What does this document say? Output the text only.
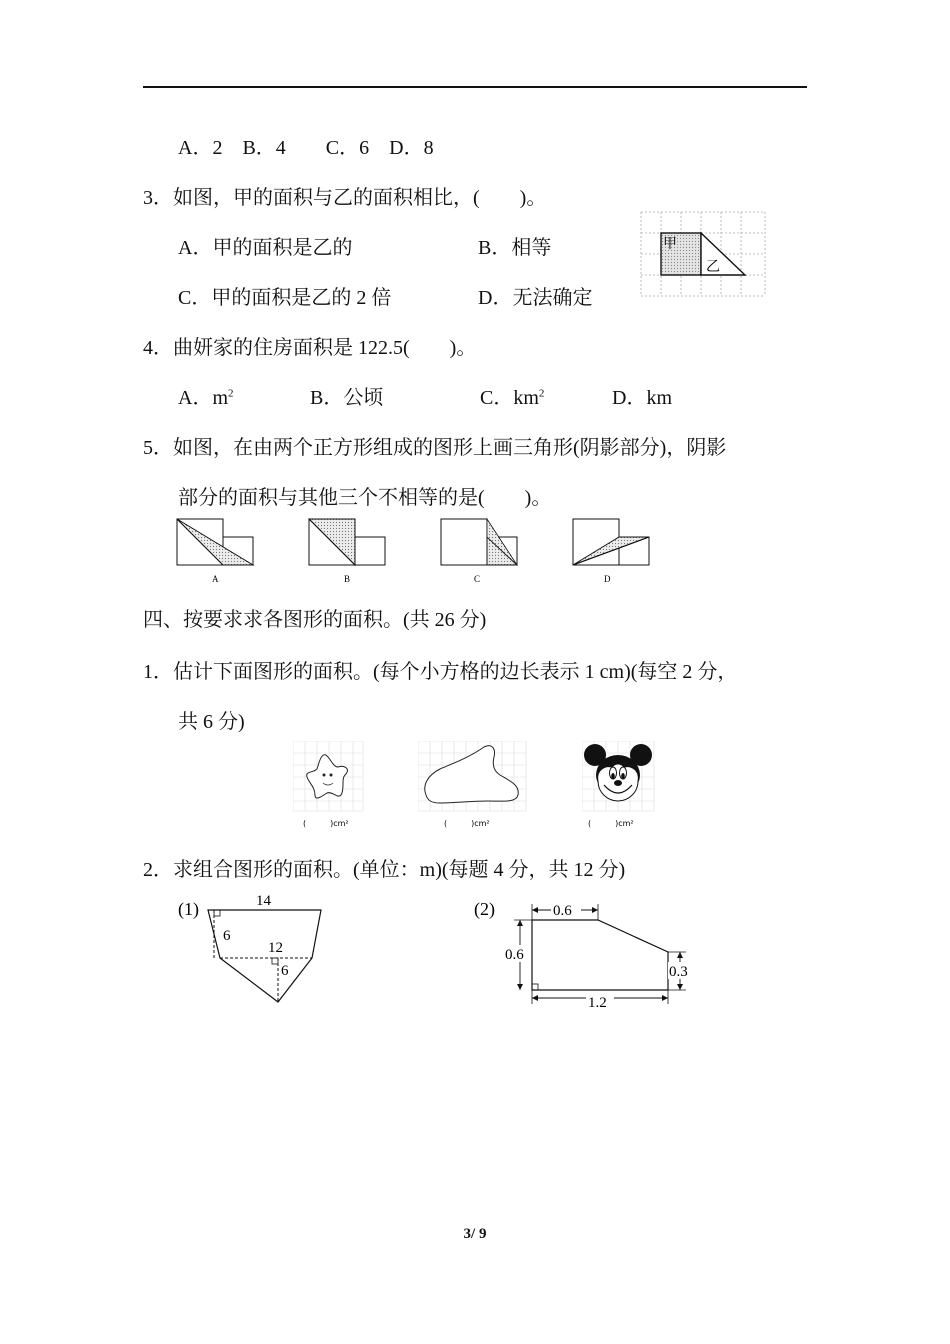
A．2　B．4　　C．6　D．8
3．如图，甲的面积与乙的面积相比，(　　)。
A．甲的面积是乙的	B．相等
C．甲的面积是乙的 2 倍	D．无法确定
甲
乙
4．曲妍家的住房面积是 122.5(　　)。
A．$m^2$	B．公顷	C．$km^2$	D．km
5．如图，在由两个正方形组成的图形上画三角形(阴影部分)，阴影
部分的面积与其他三个不相等的是(　　)。
A	B	C	D
四、按要求求各图形的面积。(共 26 分)
1．估计下面图形的面积。(每个小方格的边长表示 1 cm)(每空 2 分，
共 6 分)
(　　　)cm²	(　　　)cm²	(　　　)cm²
2．求组合图形的面积。(单位：m)(每题 4 分，共 12 分)
(1)	14
12
6
6
(2)	0.6
0.6
0.3
1.2
3/ 9
